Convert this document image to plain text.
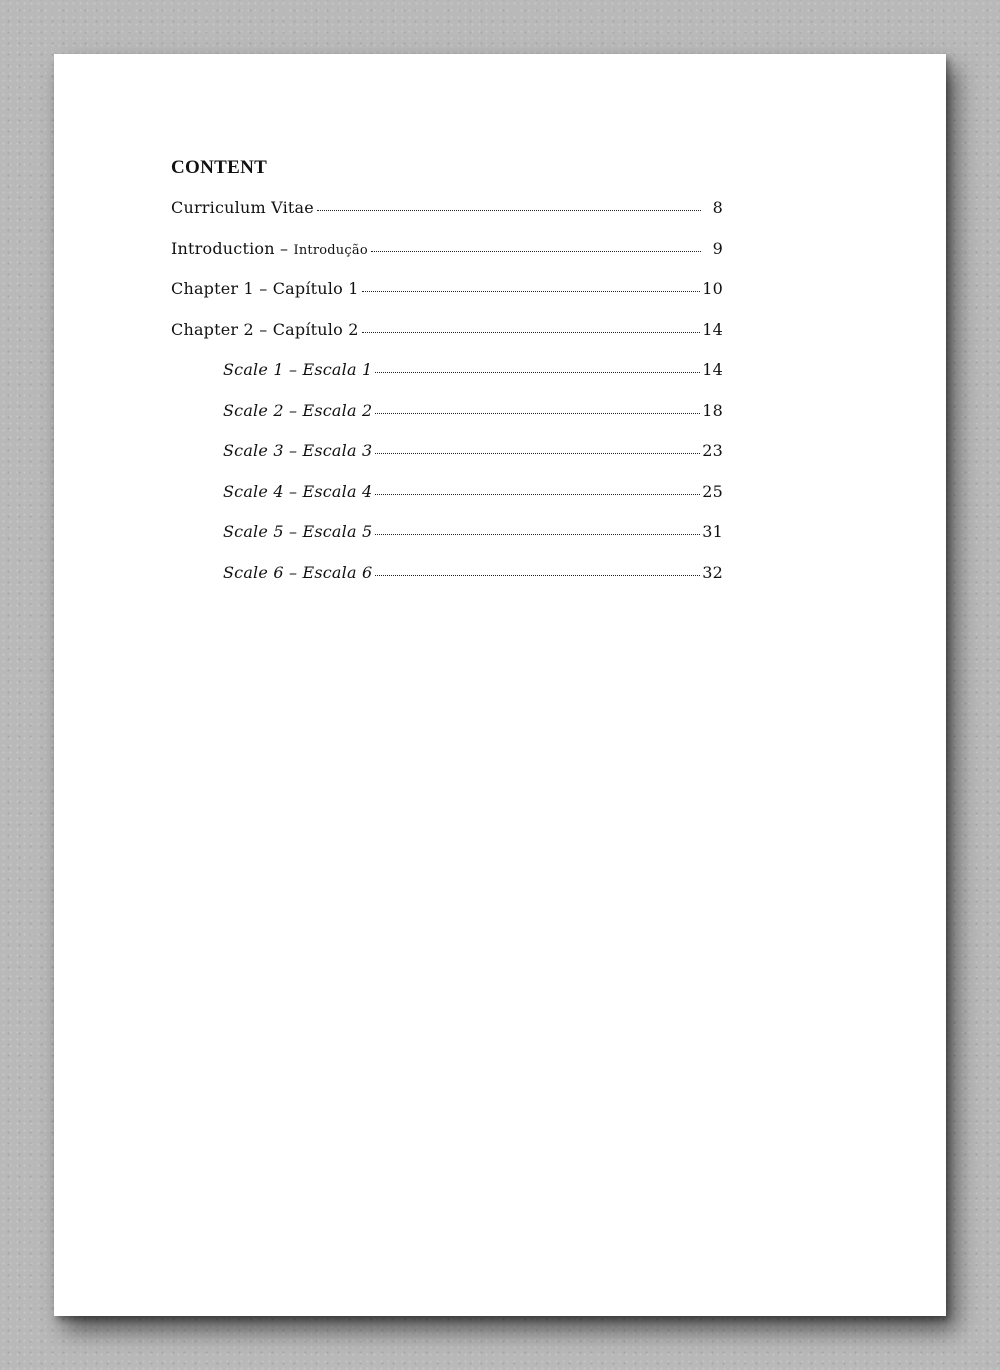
CONTENT
Curriculum Vitae	8
Introduction – Introdução	9
Chapter 1 – Capítulo 1	10
Chapter 2 – Capítulo 2	14
Scale 1 – Escala 1	14
Scale 2 – Escala 2	18
Scale 3 – Escala 3	23
Scale 4 – Escala 4	25
Scale 5 – Escala 5	31
Scale 6 – Escala 6	32
